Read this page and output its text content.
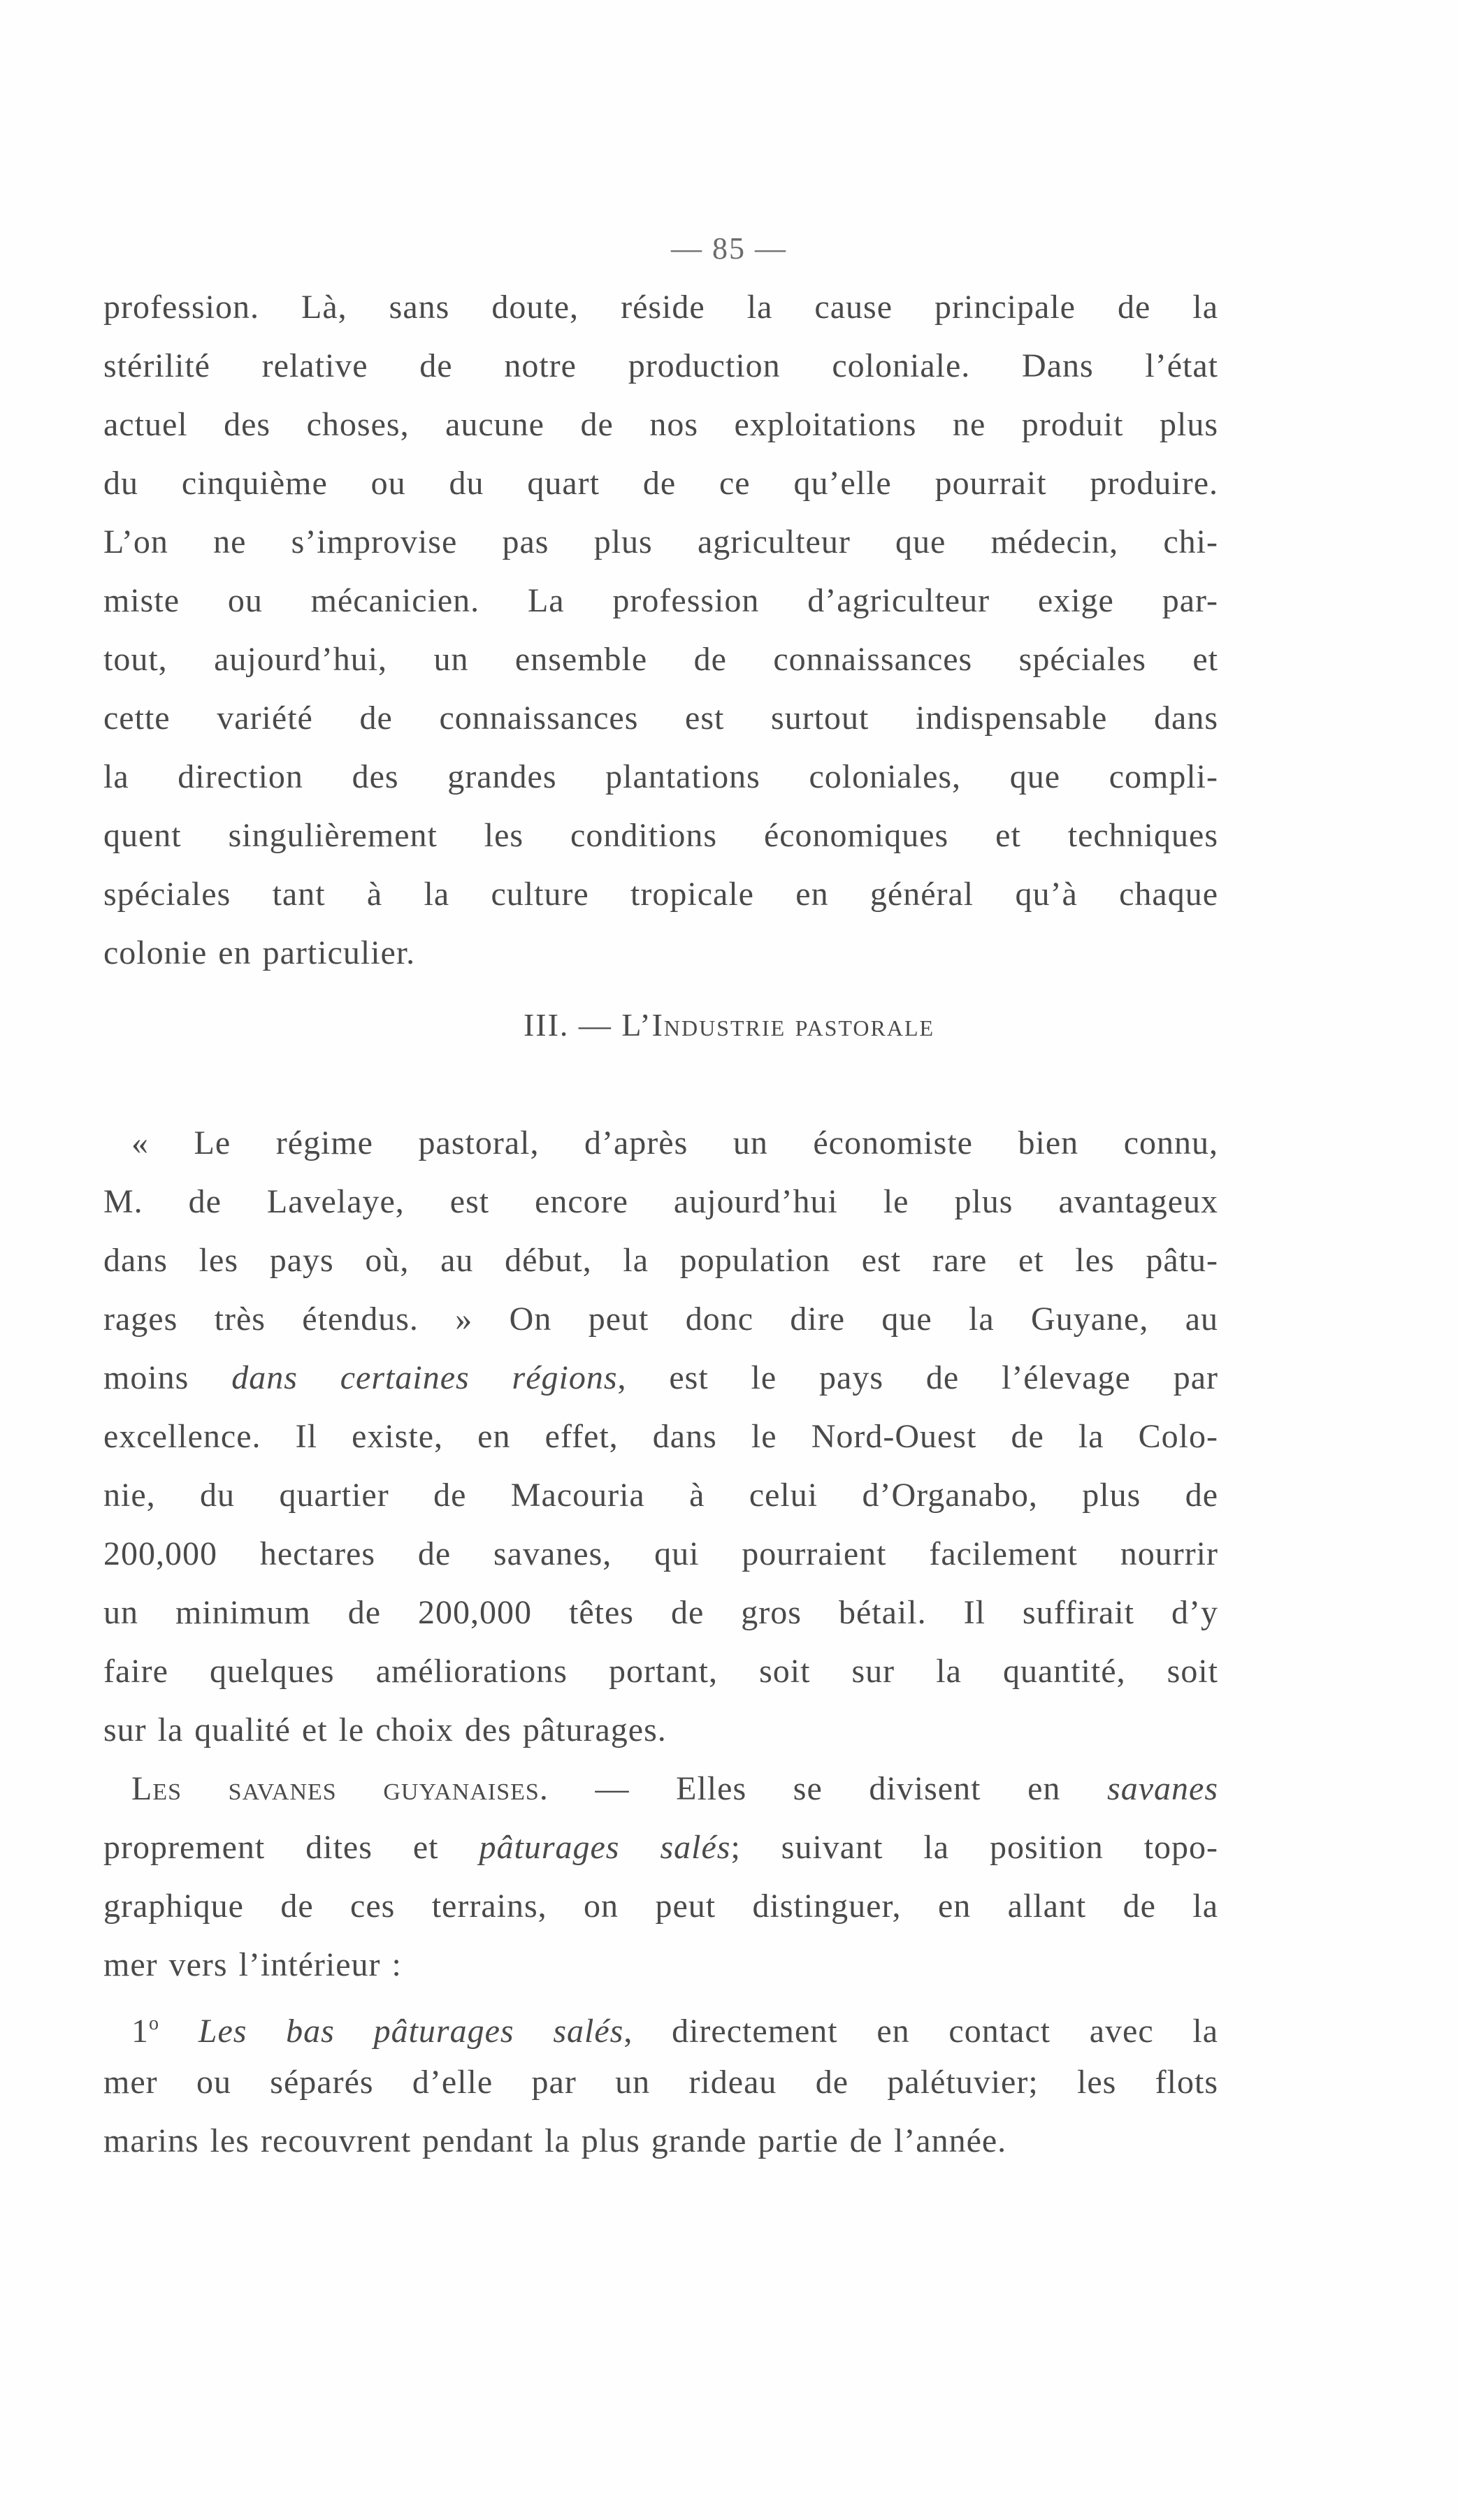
— 85 —
profession. Là, sans doute, réside la cause principale de la
stérilité relative de notre production coloniale. Dans l’état
actuel des choses, aucune de nos exploitations ne produit plus
du cinquième ou du quart de ce qu’elle pourrait produire.
L’on ne s’improvise pas plus agriculteur que médecin, chi-
miste ou mécanicien. La profession d’agriculteur exige par-
tout, aujourd’hui, un ensemble de connaissances spéciales et
cette variété de connaissances est surtout indispensable dans
la direction des grandes plantations coloniales, que compli-
quent singulièrement les conditions économiques et techniques
spéciales tant à la culture tropicale en général qu’à chaque
colonie en particulier.
III. — L’Industrie pastorale
« Le régime pastoral, d’après un économiste bien connu,
M. de Lavelaye, est encore aujourd’hui le plus avantageux
dans les pays où, au début, la population est rare et les pâtu-
rages très étendus. » On peut donc dire que la Guyane, au
moins dans certaines régions, est le pays de l’élevage par
excellence. Il existe, en effet, dans le Nord-Ouest de la Colo-
nie, du quartier de Macouria à celui d’Organabo, plus de
200,000 hectares de savanes, qui pourraient facilement nourrir
un minimum de 200,000 têtes de gros bétail. Il suffirait d’y
faire quelques améliorations portant, soit sur la quantité, soit
sur la qualité et le choix des pâturages.
Les savanes guyanaises. — Elles se divisent en savanes
proprement dites et pâturages salés; suivant la position topo-
graphique de ces terrains, on peut distinguer, en allant de la
mer vers l’intérieur :
1$^o$ Les bas pâturages salés, directement en contact avec la
mer ou séparés d’elle par un rideau de palétuvier; les flots
marins les recouvrent pendant la plus grande partie de l’année.
